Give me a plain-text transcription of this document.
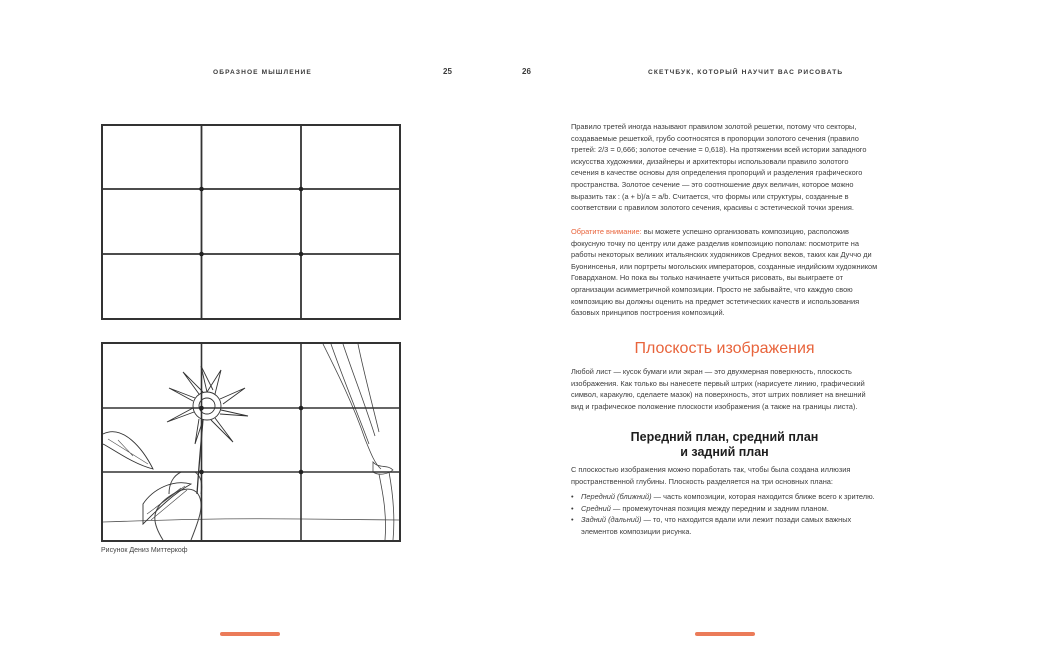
ОБРАЗНОЕ МЫШЛЕНИЕ	25
Рисунок Дениз Миттеркоф
26	СКЕТЧБУК, КОТОРЫЙ НАУЧИТ ВАС РИСОВАТЬ

Правило третей иногда называют правилом золотой решетки, потому что секторы, создаваемые решеткой, грубо соотносятся в пропорции золотого сечения (правило третей: 2/3 = 0,666; золотое сечение = 0,618). На протяжении всей истории западного искусства художники, дизайнеры и архитекторы использовали правило золотого сечения в качестве основы для определения пропорций и разделения графического пространства. Золотое сечение — это соотношение двух величин, которое можно выразить так : (a + b)/a = a/b. Считается, что формы или структуры, созданные в соответствии с правилом золотого сечения, красивы с эстетической точки зрения.

Обратите внимание: вы можете успешно организовать композицию, расположив фокусную точку по центру или даже разделив композицию пополам: посмотрите на работы некоторых великих итальянских художников Средних веков, таких как Дуччо ди Буонинсенья, или портреты могольских императоров, созданные индийским художником Говардханом. Но пока вы только начинаете учиться рисовать, вы выиграете от организации асимметричной композиции. Просто не забывайте, что каждую свою композицию вы должны оценить на предмет эстетических качеств и использования базовых принципов построения композиций.

Плоскость изображения

Любой лист — кусок бумаги или экран — это двухмерная поверхность, плоскость изображения. Как только вы нанесете первый штрих (нарисуете линию, графический символ, каракулю, сделаете мазок) на поверхность, этот штрих повлияет на внешний вид и графическое положение плоскости изображения (а также на границы листа).

Передний план, средний план
и задний план

С плоскостью изображения можно поработать так, чтобы была создана иллюзия пространственной глубины. Плоскость разделяется на три основных плана:

• Передний (ближний) — часть композиции, которая находится ближе всего к зрителю.
• Средний — промежуточная позиция между передним и задним планом.
• Задний (дальний) — то, что находится вдали или лежит позади самых важных элементов композиции рисунка.
